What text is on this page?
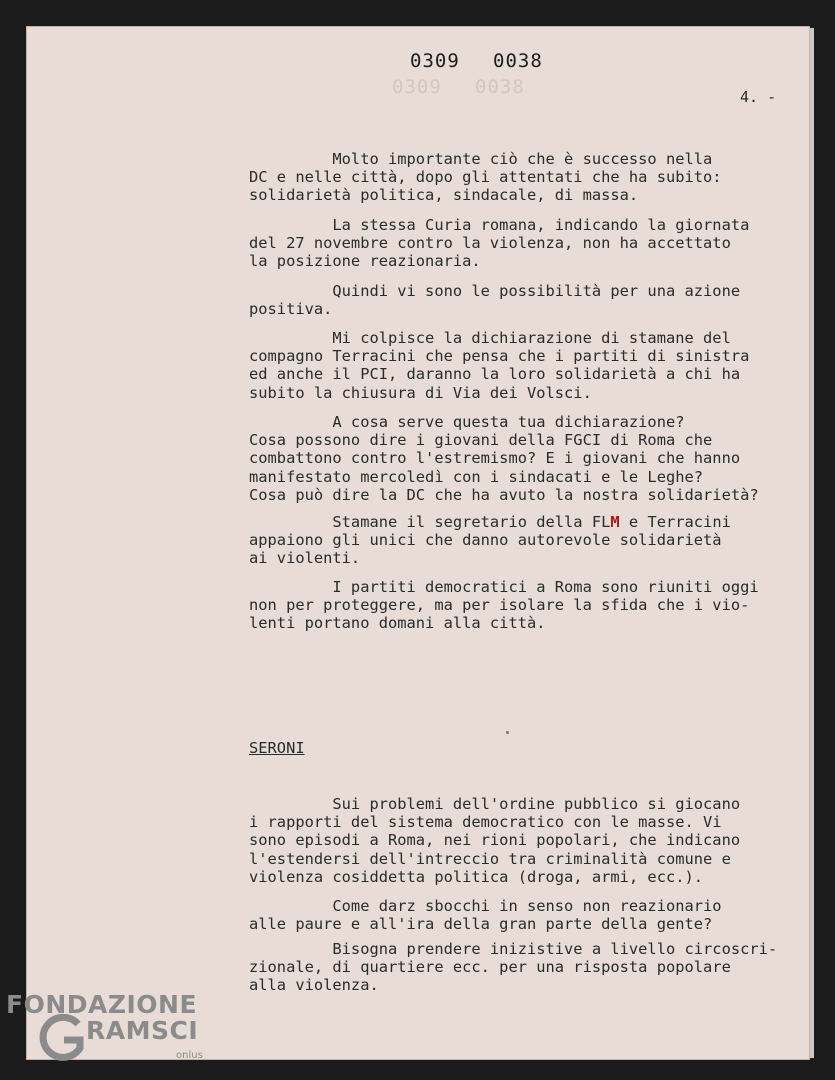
0309 0038
0309 0038	4. -
Molto importante ciò che è successo nella
DC e nelle città, dopo gli attentati che ha subito:
solidarietà politica, sindacale, di massa.
La stessa Curia romana, indicando la giornata
del 27 novembre contro la violenza, non ha accettato
la posizione reazionaria.
Quindi vi sono le possibilità per una azione
positiva.
Mi colpisce la dichiarazione di stamane del
compagno Terracini che pensa che i partiti di sinistra
ed anche il PCI, daranno la loro solidarietà a chi ha
subito la chiusura di Via dei Volsci.
A cosa serve questa tua dichiarazione?
Cosa possono dire i giovani della FGCI di Roma che
combattono contro l'estremismo? E i giovani che hanno
manifestato mercoledì con i sindacati e le Leghe?
Cosa può dire la DC che ha avuto la nostra solidarietà?
Stamane il segretario della FLM e Terracini
appaiono gli unici che danno autorevole solidarietà
ai violenti.
I partiti democratici a Roma sono riuniti oggi
non per proteggere, ma per isolare la sfida che i vio-
lenti portano domani alla città.
SERONI
Sui problemi dell'ordine pubblico si giocano
i rapporti del sistema democratico con le masse. Vi
sono episodi a Roma, nei rioni popolari, che indicano
l'estendersi dell'intreccio tra criminalità comune e
violenza cosiddetta politica (droga, armi, ecc.).
Come darz sbocchi in senso non reazionario
alle paure e all'ira della gran parte della gente?
Bisogna prendere inizistive a livello circoscri-
zionale, di quartiere ecc. per una risposta popolare
alla violenza.
FONDAZIONE
RAMSCI
onlus
